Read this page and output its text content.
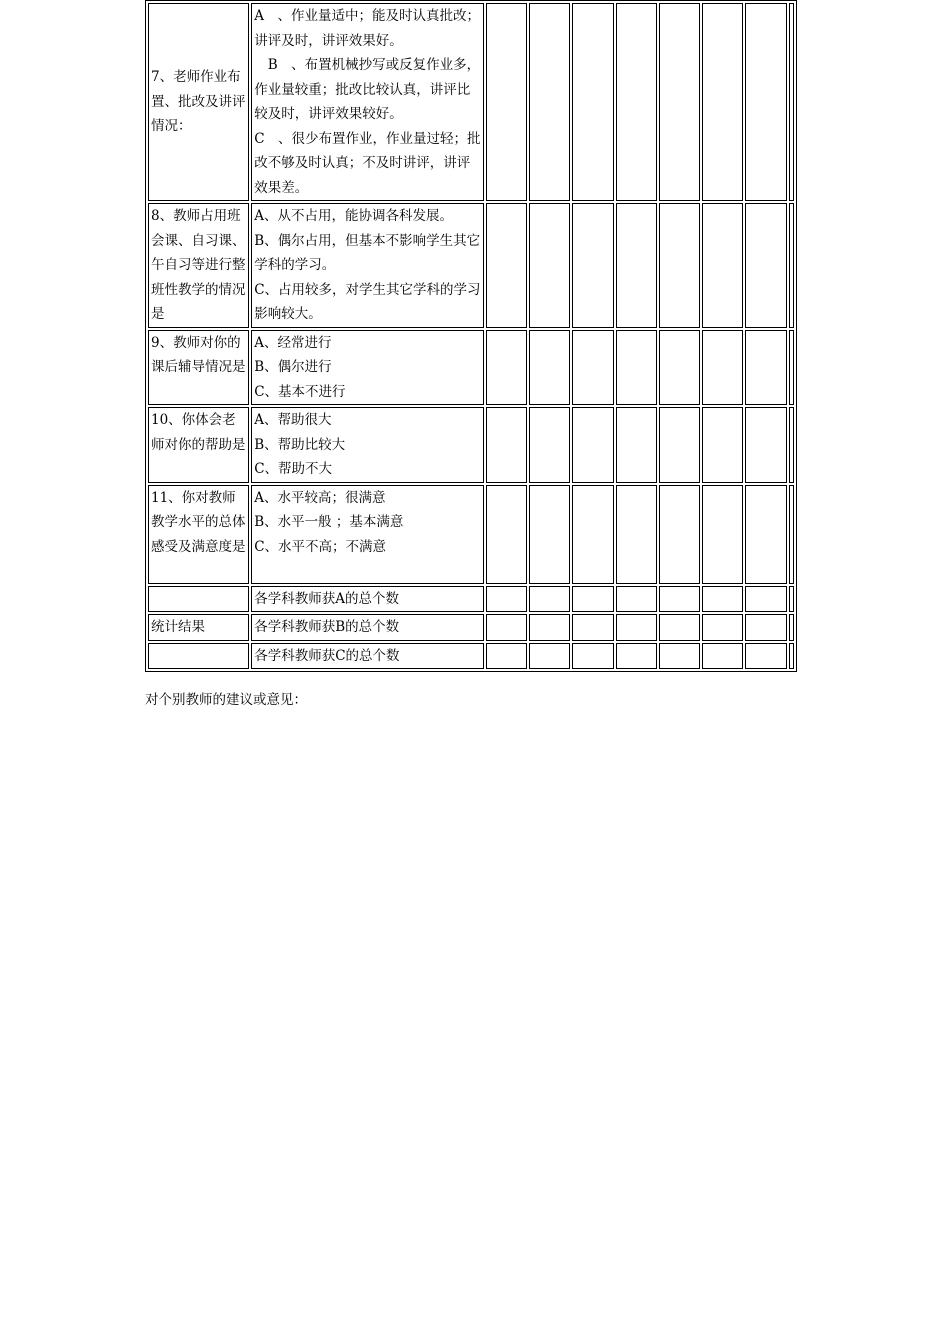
7、老师作业布置、批改及讲评情况：	A　、作业量适中；能及时认真批改；讲评及时，讲评效果好。
　B　、布置机械抄写或反复作业多，作业量较重；批改比较认真，讲评比较及时，讲评效果较好。
C　、很少布置作业，作业量过轻；批改不够及时认真；不及时讲评，讲评效果差。								

8、教师占用班会课、自习课、午自习等进行整班性教学的情况是	A、从不占用，能协调各科发展。
B、偶尔占用，但基本不影响学生其它学科的学习。
C、占用较多，对学生其它学科的学习影响较大。								

9、教师对你的课后辅导情况是	A、经常进行
B、偶尔进行
C、基本不进行								

10、你体会老师对你的帮助是	A、帮助很大
B、帮助比较大
C、帮助不大								

11、你对教师教学水平的总体感受及满意度是	A、水平较高；很满意
B、水平一般 ；基本满意
C、水平不高；不满意								

	各学科教师获A的总个数								
统计结果	各学科教师获B的总个数								
	各学科教师获C的总个数								
对个别教师的建议或意见：
